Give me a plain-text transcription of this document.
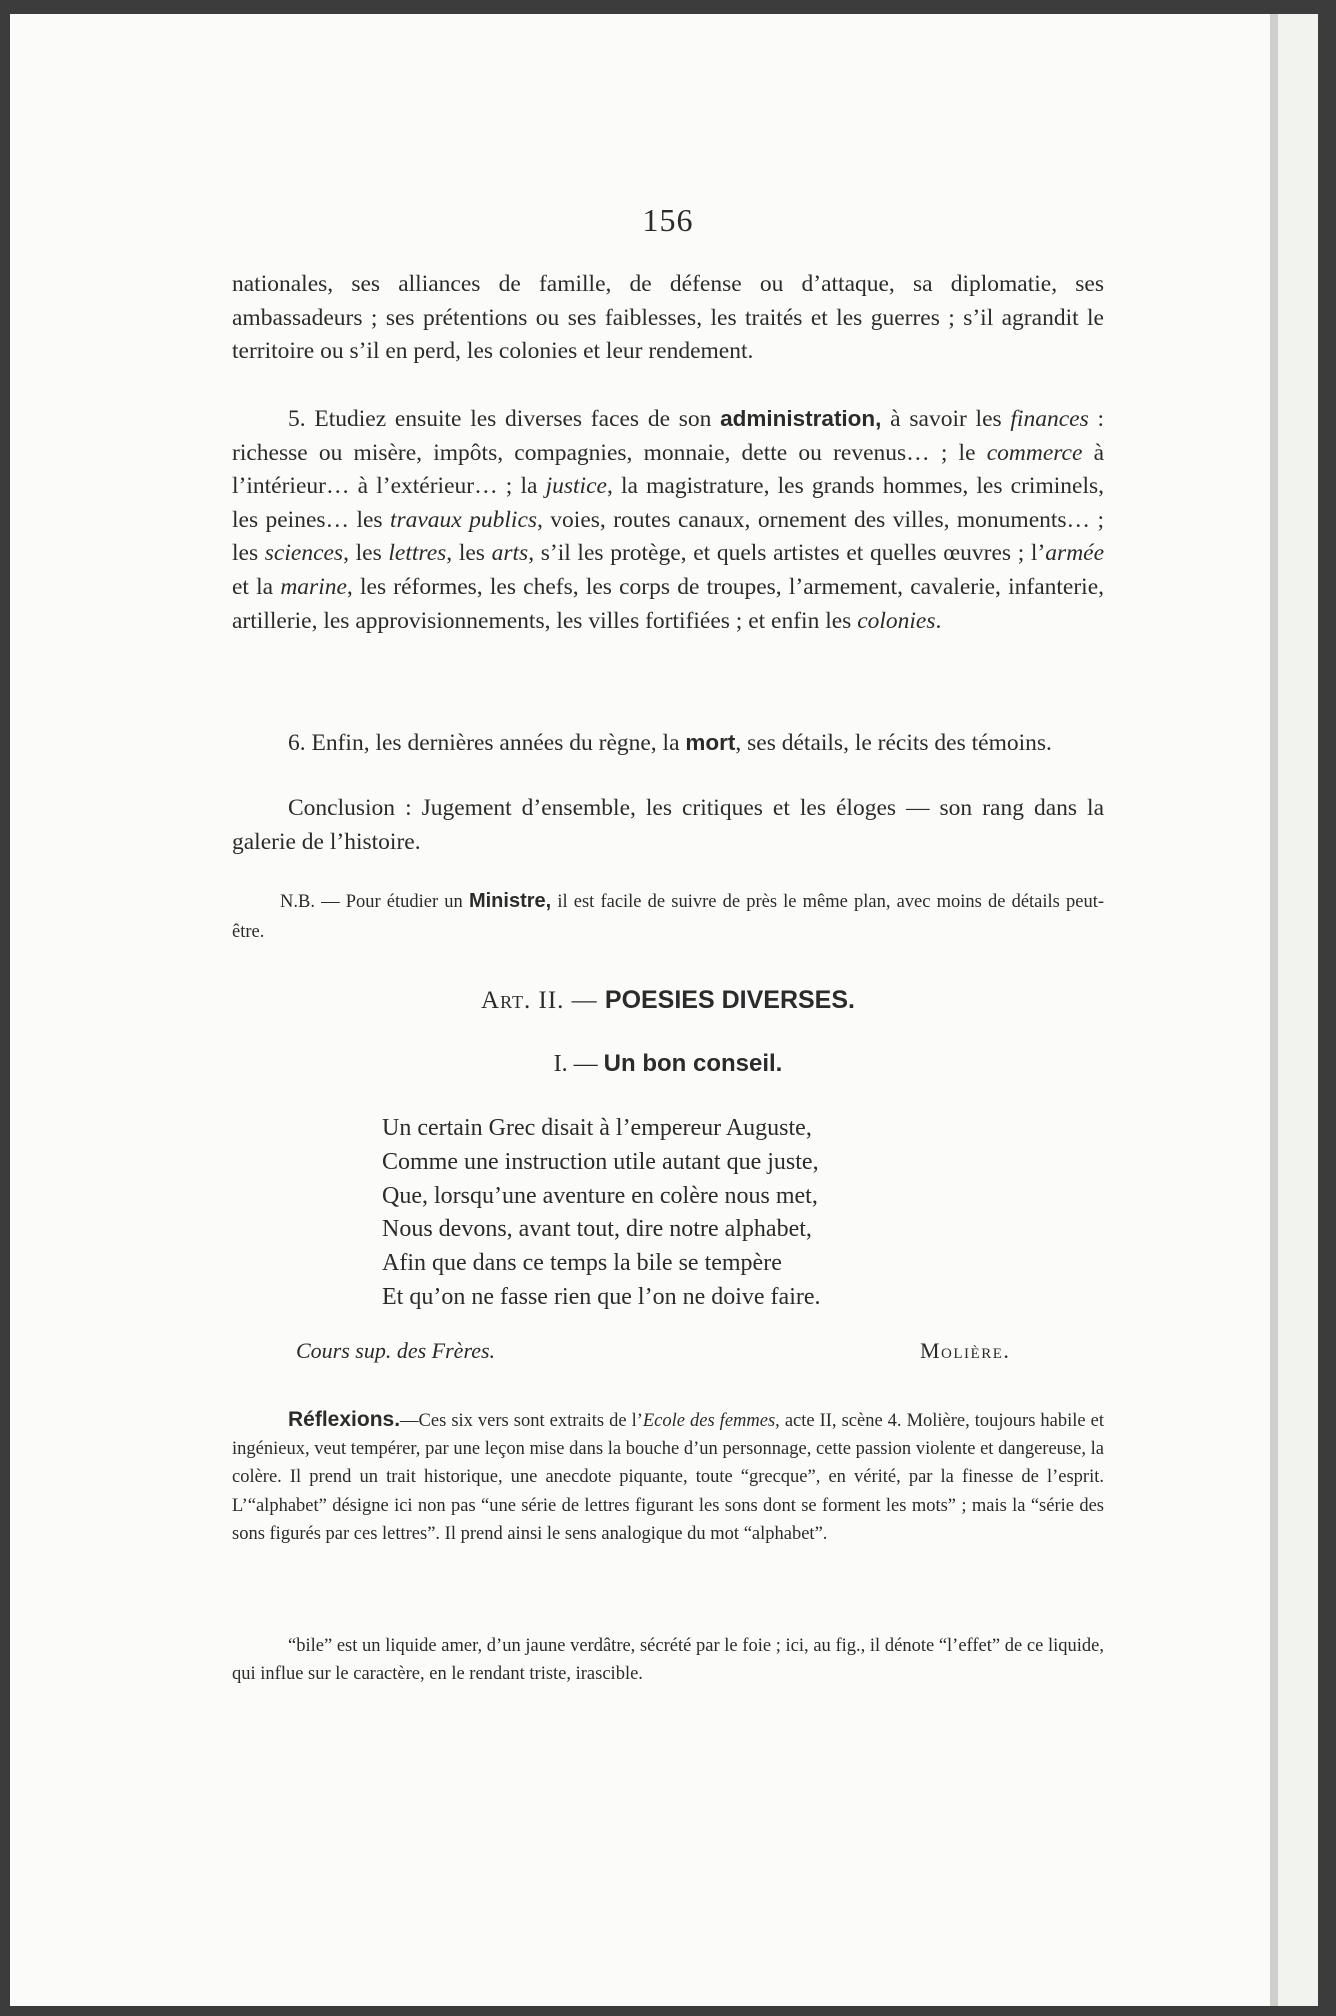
156

nationales, ses alliances de famille, de défense ou d’attaque, sa diplomatie, ses ambassadeurs ; ses prétentions ou ses faiblesses, les traités et les guerres ; s’il agrandit le territoire ou s’il en perd, les colonies et leur rendement.

5. Etudiez ensuite les diverses faces de son administration, à savoir les finances : richesse ou misère, impôts, compagnies, monnaie, dette ou revenus… ; le commerce à l’intérieur… à l’extérieur… ; la justice, la magistrature, les grands hommes, les criminels, les peines… les travaux publics, voies, routes canaux, ornement des villes, monuments… ; les sciences, les lettres, les arts, s’il les protège, et quels artistes et quelles œuvres ; l’armée et la marine, les réformes, les chefs, les corps de troupes, l’armement, cavalerie, infanterie, artillerie, les approvisionnements, les villes fortifiées ; et enfin les colonies.

6. Enfin, les dernières années du règne, la mort, ses détails, le récits des témoins.

Conclusion : Jugement d’ensemble, les critiques et les éloges — son rang dans la galerie de l’histoire.

N.B. — Pour étudier un Ministre, il est facile de suivre de près le même plan, avec moins de détails peut-être.

Art. II. — POESIES DIVERSES.
I. — Un bon conseil.
Un certain Grec disait à l’empereur Auguste,
Comme une instruction utile autant que juste,
Que, lorsqu’une aventure en colère nous met,
Nous devons, avant tout, dire notre alphabet,
Afin que dans ce temps la bile se tempère
Et qu’on ne fasse rien que l’on ne doive faire.
Cours sup. des Frères.	Molière.

Réflexions.—Ces six vers sont extraits de l’Ecole des femmes, acte II, scène 4. Molière, toujours habile et ingénieux, veut tempérer, par une leçon mise dans la bouche d’un personnage, cette passion violente et dangereuse, la colère. Il prend un trait historique, une anecdote piquante, toute “grecque”, en vérité, par la finesse de l’esprit. L’“alphabet” désigne ici non pas “une série de lettres figurant les sons dont se forment les mots” ; mais la “série des sons figurés par ces lettres”. Il prend ainsi le sens analogique du mot “alphabet”.

“bile” est un liquide amer, d’un jaune verdâtre, sécrété par le foie ; ici, au fig., il dénote “l’effet” de ce liquide, qui influe sur le caractère, en le rendant triste, irascible.
